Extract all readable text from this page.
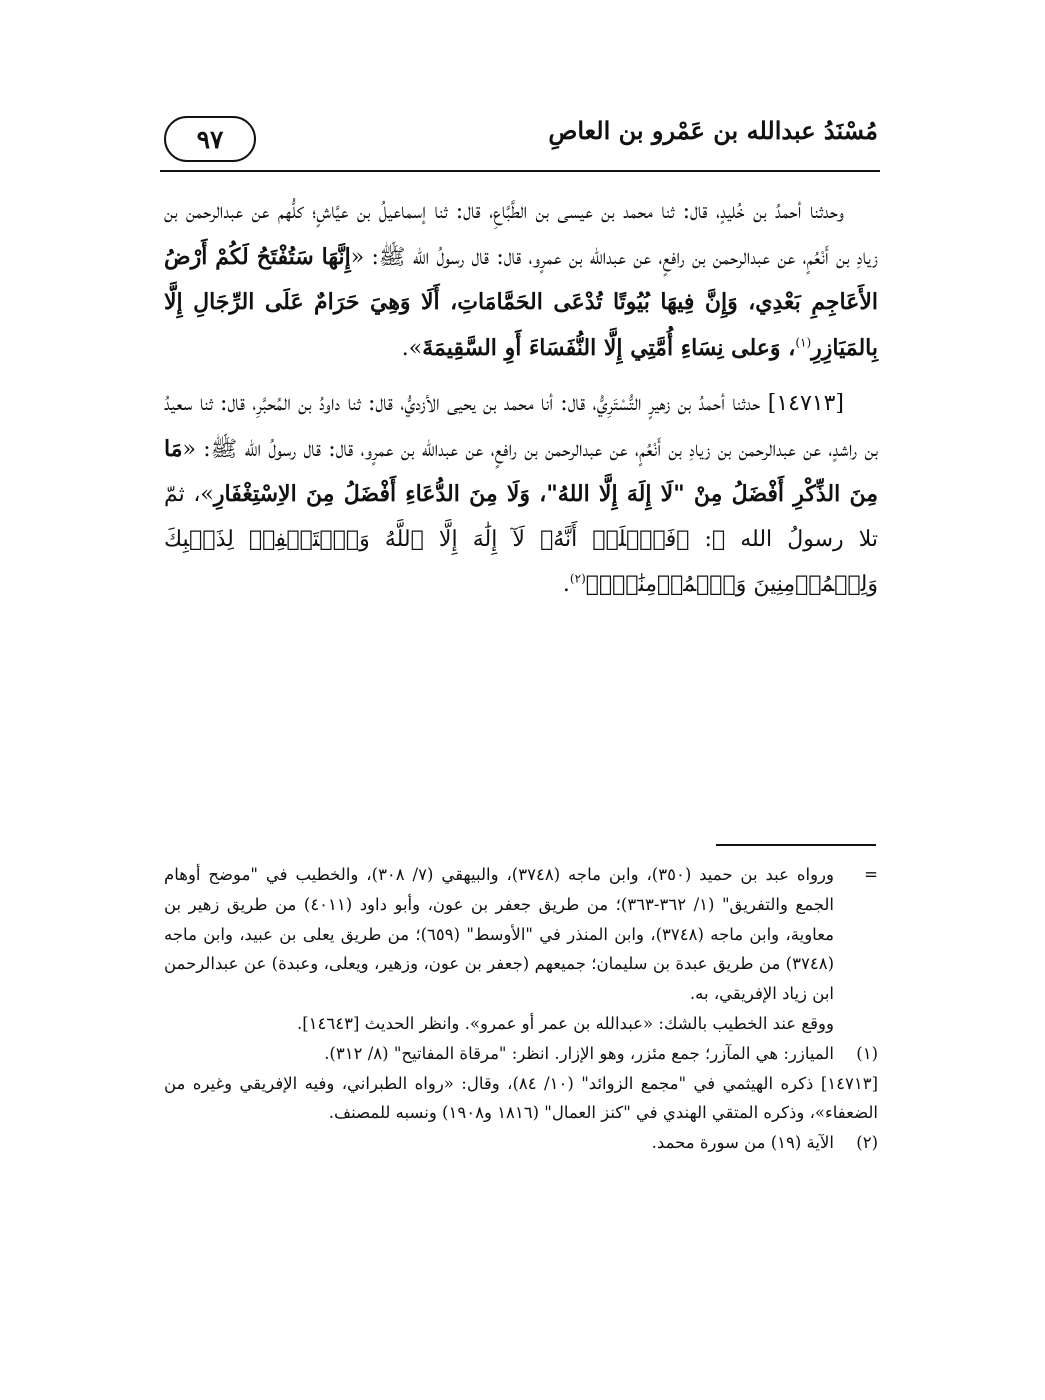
٩٧	مُسْنَدُ عبدالله بن عَمْرو بن العاصِ

وحدثنا أحمدُ بن خُليدٍ، قال: ثنا محمد بن عيسى بن الطَّبَّاعِ، قال: ثنا إسماعيلُ بن عيَّاشٍ؛ كلُّهم عن عبدالرحمن بن زيادِ بن أَنْعُمٍ، عن عبدالرحمن بن رافعٍ، عن عبدالله بن عمرٍو، قال: قال رسولُ الله ﷺ: «إِنَّهَا سَتُفْتَحُ لَكُمْ أَرْضُ الأَعَاجِمِ بَعْدِي، وَإِنَّ فِيهَا بُيُوتًا تُدْعَى الحَمَّامَاتِ، أَلَا وَهِيَ حَرَامٌ عَلَى الرِّجَالِ إِلَّا بِالمَيَازِرِ$^{(١)}$، وَعلى نِسَاءِ أُمَّتِي إِلَّا النُّفَسَاءَ أَوِ السَّقِيمَةَ».

[١٤٧١٣] حدثنا أحمدُ بن زهيرٍ التُّسْتَرِيُّ، قال: أنا محمد بن يحيى الأزديُّ، قال: ثنا داودُ بن المُحبَّرِ، قال: ثنا سعيدُ بن راشدٍ، عن عبدالرحمن بن زيادِ بن أَنْعُمٍ، عن عبدالرحمن بن رافعٍ، عن عبدالله بن عمرٍو، قال: قال رسولُ الله ﷺ: «مَا مِنَ الذِّكْرِ أَفْضَلُ مِنْ "لَا إِلَهَ إِلَّا اللهُ"، وَلَا مِنَ الدُّعَاءِ أَفْضَلُ مِنَ الاِسْتِغْفَارِ»، ثمّ تلا رسولُ الله ﷺ: ﴿فَٱعۡلَمۡ أَنَّهُۥ لَآ إِلَٰهَ إِلَّا ٱللَّهُ وَٱسۡتَغۡفِرۡ لِذَنۢبِكَ وَلِلۡمُؤۡمِنِينَ وَٱلۡمُؤۡمِنَٰتِۗ﴾$^{(٢)}$.

=
ورواه عبد بن حميد (٣٥٠)، وابن ماجه (٣٧٤٨)، والبيهقي (٧/ ٣٠٨)، والخطيب في "موضح أوهام الجمع والتفريق" (١/ ٣٦٢-٣٦٣)؛ من طريق جعفر بن عون، وأبو داود (٤٠١١) من طريق زهير بن معاوية، وابن ماجه (٣٧٤٨)، وابن المنذر في "الأوسط" (٦٥٩)؛ من طريق يعلى بن عبيد، وابن ماجه (٣٧٤٨) من طريق عبدة بن سليمان؛ جميعهم (جعفر بن عون، وزهير، ويعلى، وعبدة) عن عبدالرحمن ابن زياد الإفريقي، به.
ووقع عند الخطيب بالشك: «عبدالله بن عمر أو عمرو». وانظر الحديث [١٤٦٤٣].
(١)
الميازر: هي المآزر؛ جمع مئزر، وهو الإزار. انظر: "مرقاة المفاتيح" (٨/ ٣١٢).
[١٤٧١٣] ذكره الهيثمي في "مجمع الزوائد" (١٠/ ٨٤)، وقال: «رواه الطبراني، وفيه الإفريقي وغيره من الضعفاء»، وذكره المتقي الهندي في "كنز العمال" (١٨١٦ و١٩٠٨) ونسبه للمصنف.
(٢)
الآية (١٩) من سورة محمد.
